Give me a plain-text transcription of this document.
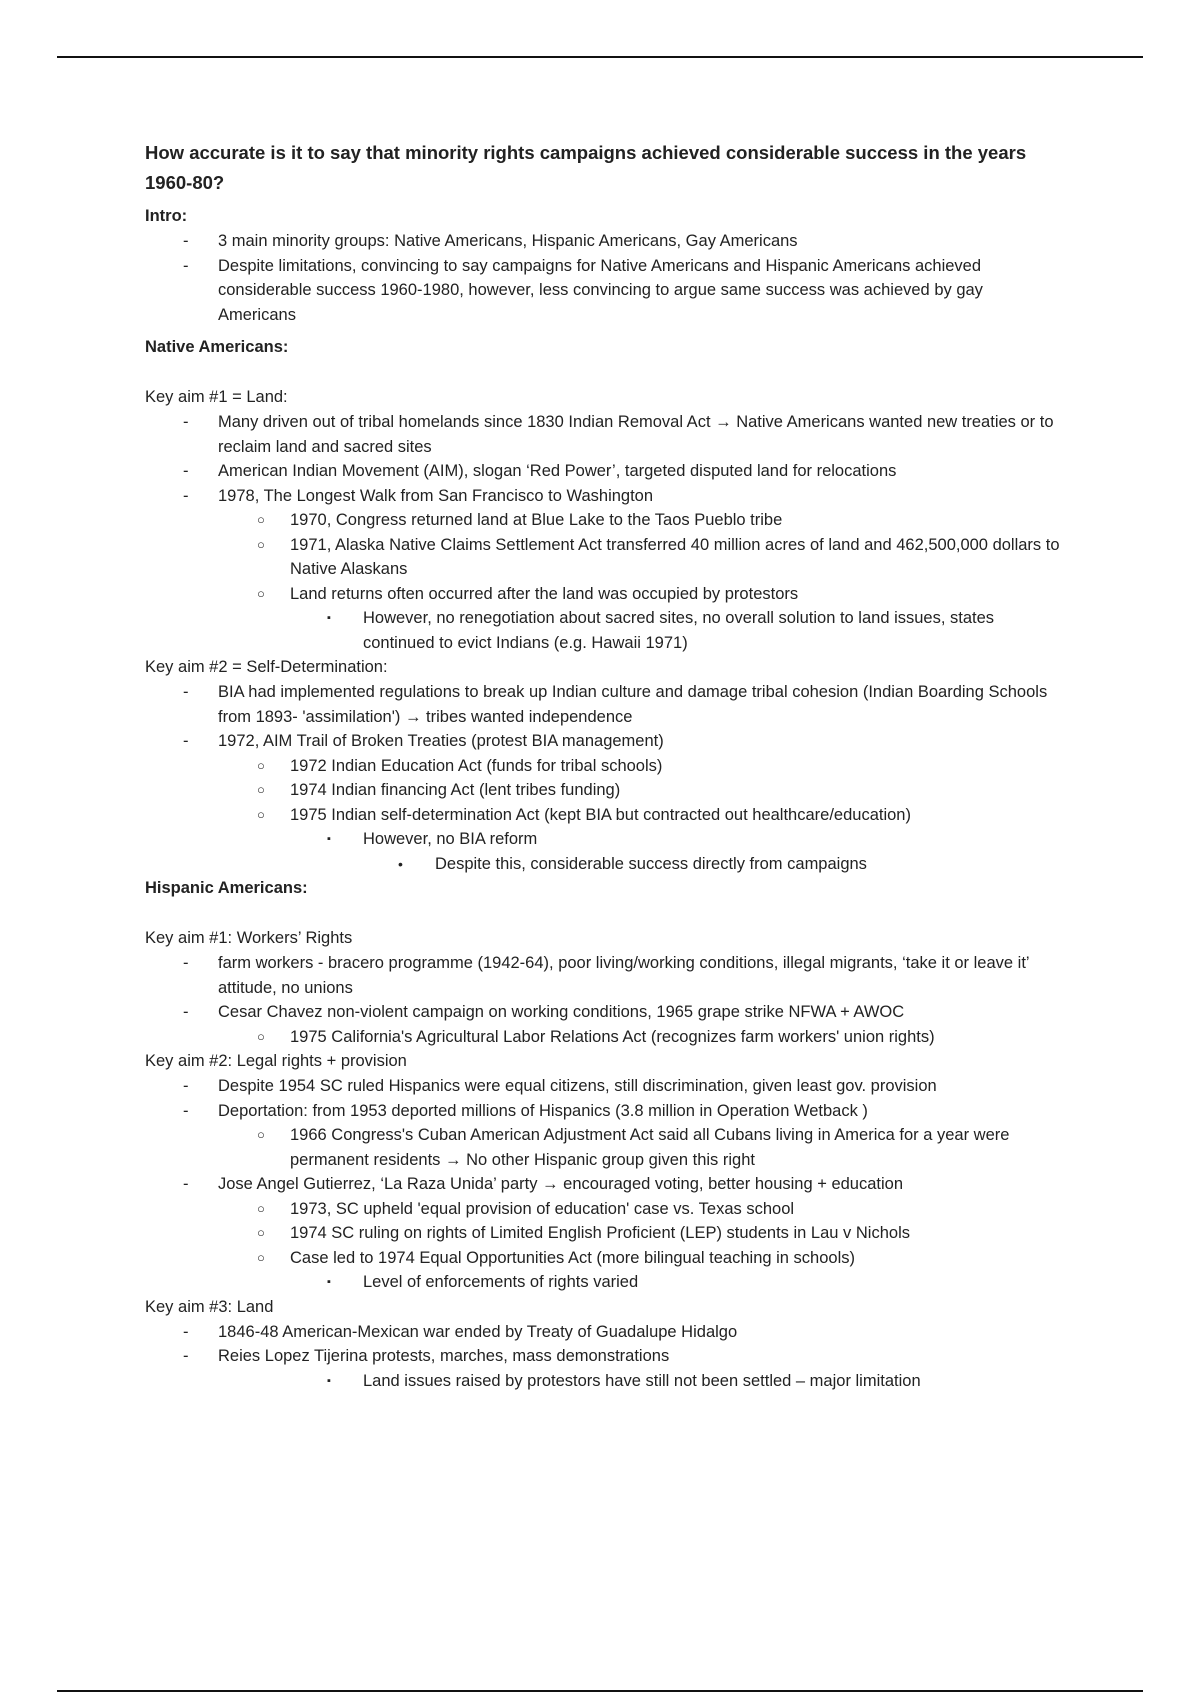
How accurate is it to say that minority rights campaigns achieved considerable success in the years 1960-80?
Intro:
- 3 main minority groups: Native Americans, Hispanic Americans, Gay Americans
- Despite limitations, convincing to say campaigns for Native Americans and Hispanic Americans achieved considerable success 1960-1980, however, less convincing to argue same success was achieved by gay Americans
Native Americans:
Key aim #1 = Land:
- Many driven out of tribal homelands since 1830 Indian Removal Act → Native Americans wanted new treaties or to reclaim land and sacred sites
- American Indian Movement (AIM), slogan ‘Red Power’, targeted disputed land for relocations
- 1978, The Longest Walk from San Francisco to Washington
○ 1970, Congress returned land at Blue Lake to the Taos Pueblo tribe
○ 1971, Alaska Native Claims Settlement Act transferred 40 million acres of land and 462,500,000 dollars to Native Alaskans
○ Land returns often occurred after the land was occupied by protestors
▪ However, no renegotiation about sacred sites, no overall solution to land issues, states continued to evict Indians (e.g. Hawaii 1971)
Key aim #2 = Self-Determination:
- BIA had implemented regulations to break up Indian culture and damage tribal cohesion (Indian Boarding Schools from 1893- 'assimilation') → tribes wanted independence
- 1972, AIM Trail of Broken Treaties (protest BIA management)
○ 1972 Indian Education Act (funds for tribal schools)
○ 1974 Indian financing Act (lent tribes funding)
○ 1975 Indian self-determination Act (kept BIA but contracted out healthcare/education)
▪ However, no BIA reform
• Despite this, considerable success directly from campaigns
Hispanic Americans:
Key aim #1: Workers’ Rights
- farm workers - bracero programme (1942-64), poor living/working conditions, illegal migrants, ‘take it or leave it’ attitude, no unions
- Cesar Chavez non-violent campaign on working conditions, 1965 grape strike NFWA + AWOC
○ 1975 California's Agricultural Labor Relations Act (recognizes farm workers' union rights)
Key aim #2: Legal rights + provision
- Despite 1954 SC ruled Hispanics were equal citizens, still discrimination, given least gov. provision
- Deportation: from 1953 deported millions of Hispanics (3.8 million in Operation Wetback )
○ 1966 Congress's Cuban American Adjustment Act said all Cubans living in America for a year were permanent residents → No other Hispanic group given this right
- Jose Angel Gutierrez, ‘La Raza Unida’ party → encouraged voting, better housing + education
○ 1973, SC upheld 'equal provision of education' case vs. Texas school
○ 1974 SC ruling on rights of Limited English Proficient (LEP) students in Lau v Nichols
○ Case led to 1974 Equal Opportunities Act (more bilingual teaching in schools)
▪ Level of enforcements of rights varied
Key aim #3: Land
- 1846-48 American-Mexican war ended by Treaty of Guadalupe Hidalgo
- Reies Lopez Tijerina protests, marches, mass demonstrations
▪ Land issues raised by protestors have still not been settled – major limitation
